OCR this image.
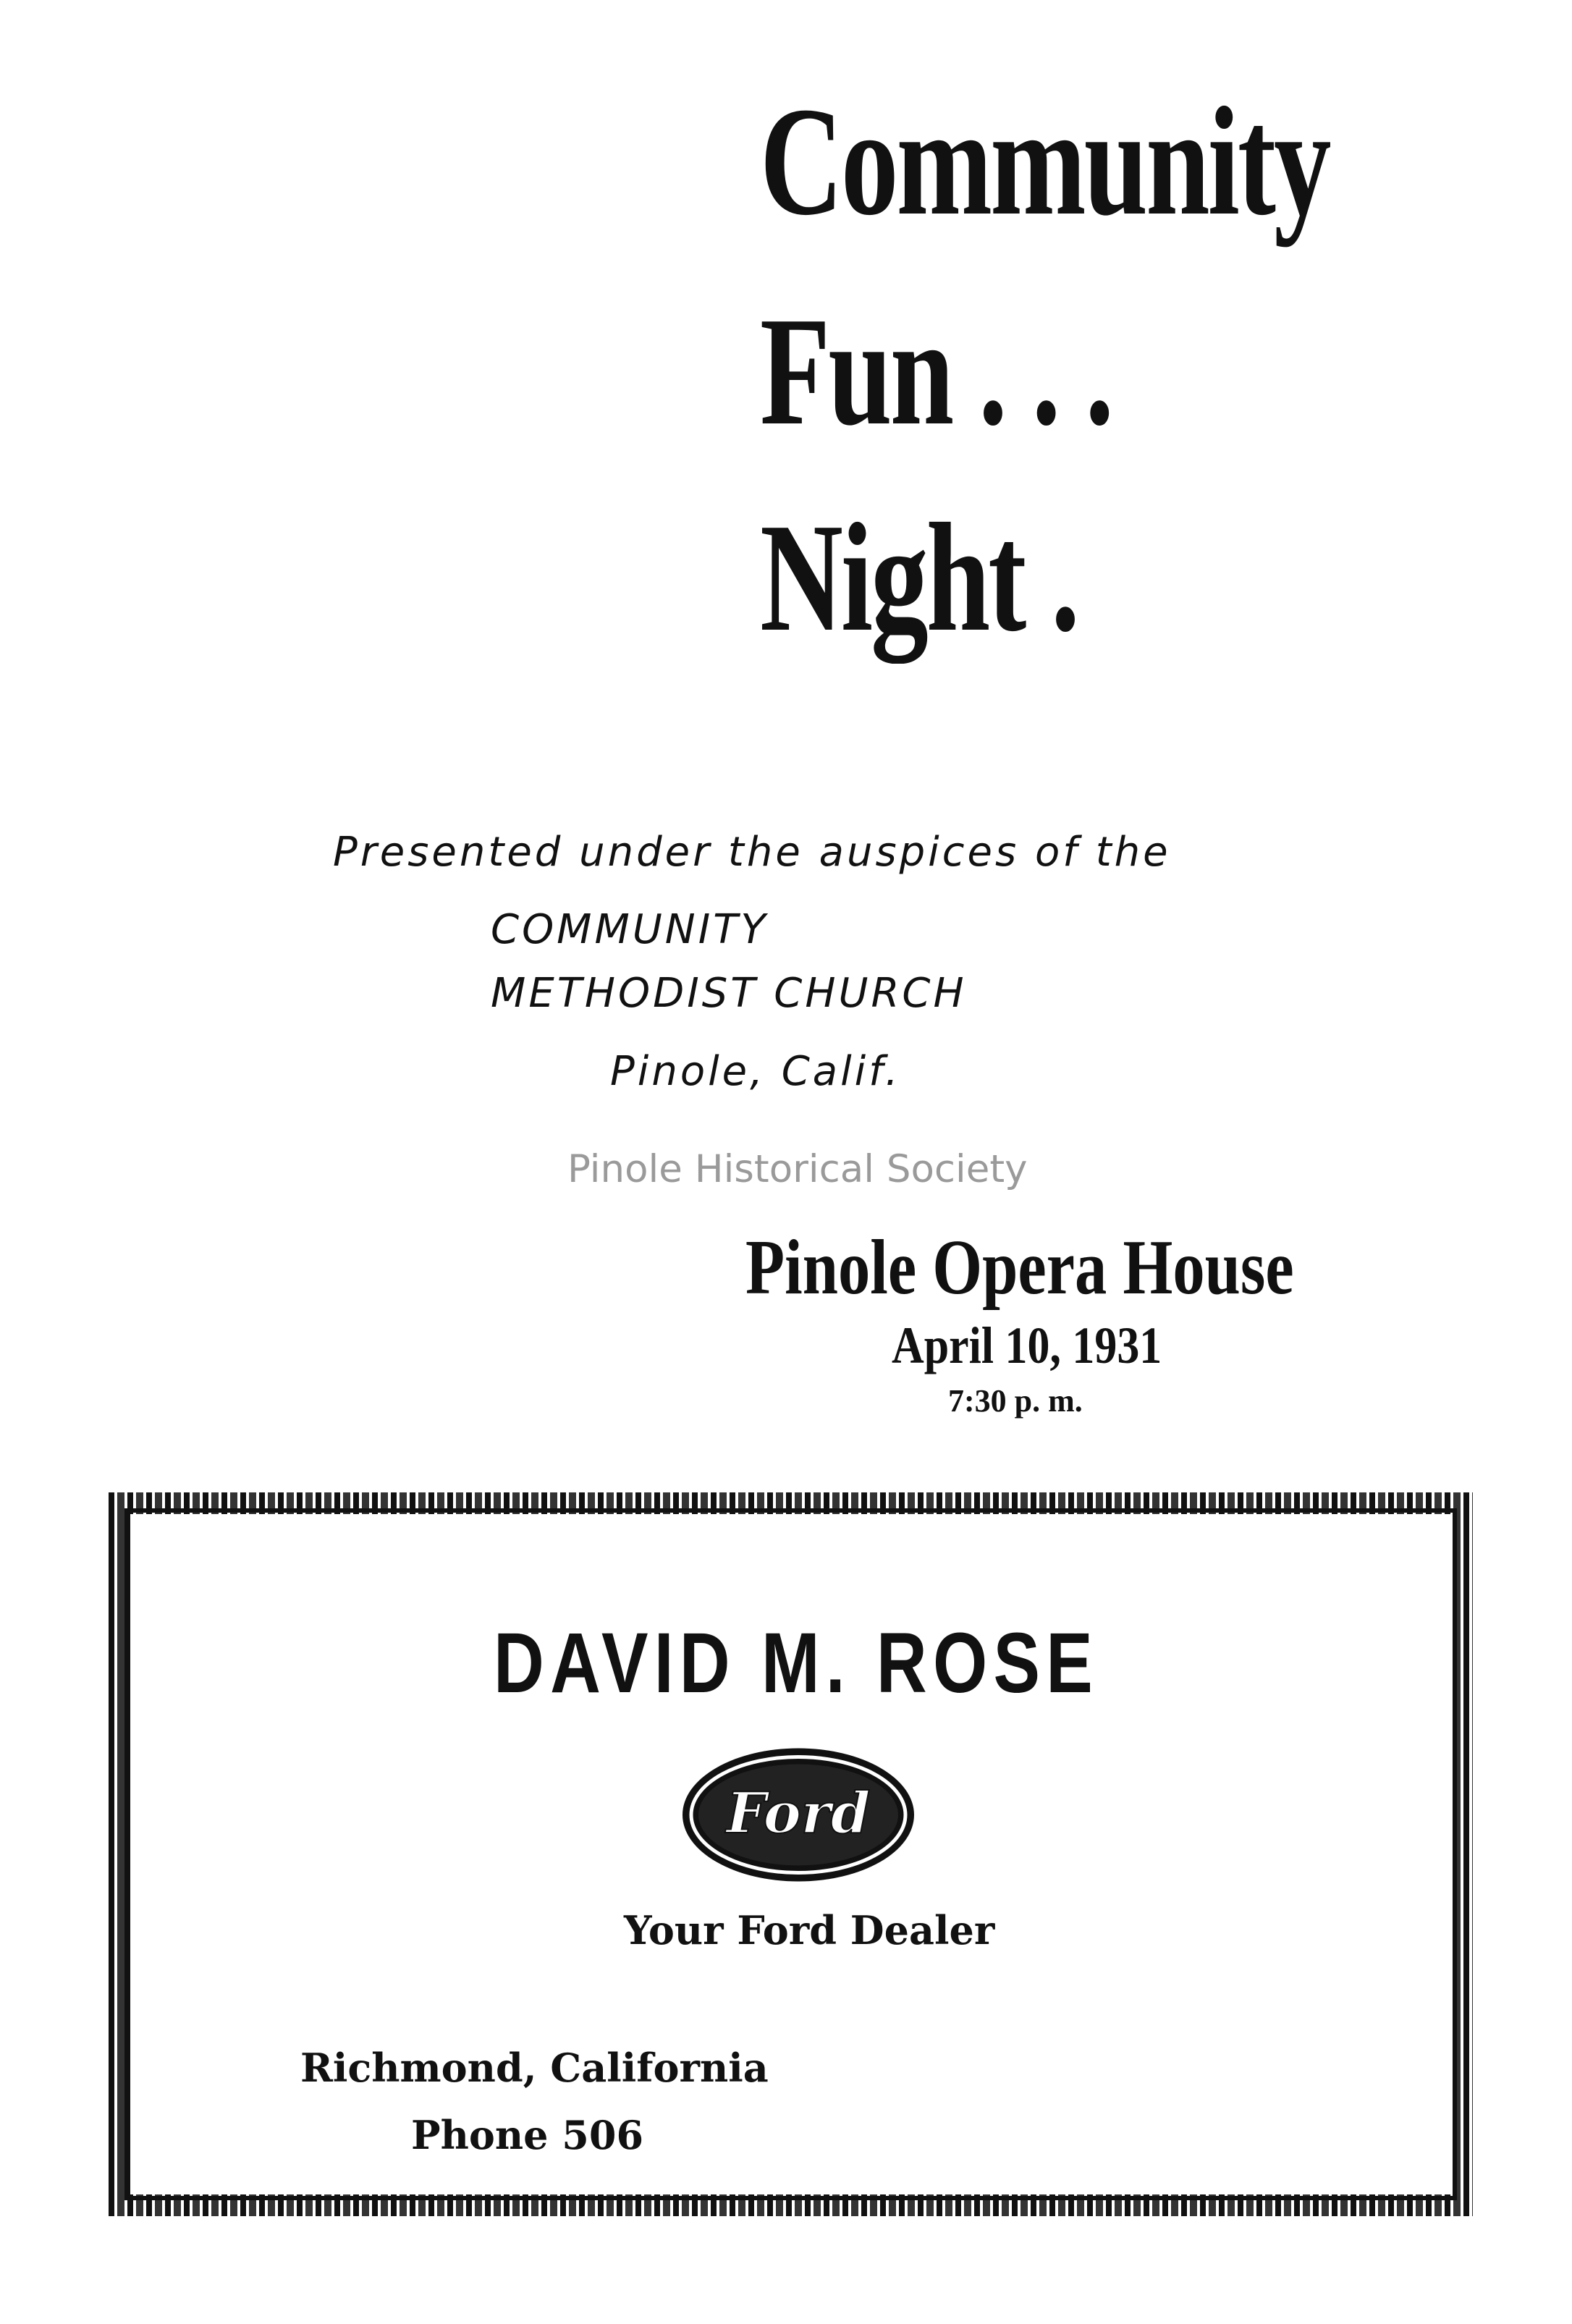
Community
Fun . . .
Night .
Presented under the auspices of the
COMMUNITY
METHODIST CHURCH
Pinole, Calif.
Pinole Historical Society
Pinole Opera House
April 10, 1931
7:30 p. m.
DAVID M. ROSE
Ford
Your Ford Dealer
Richmond, California
Phone 506
